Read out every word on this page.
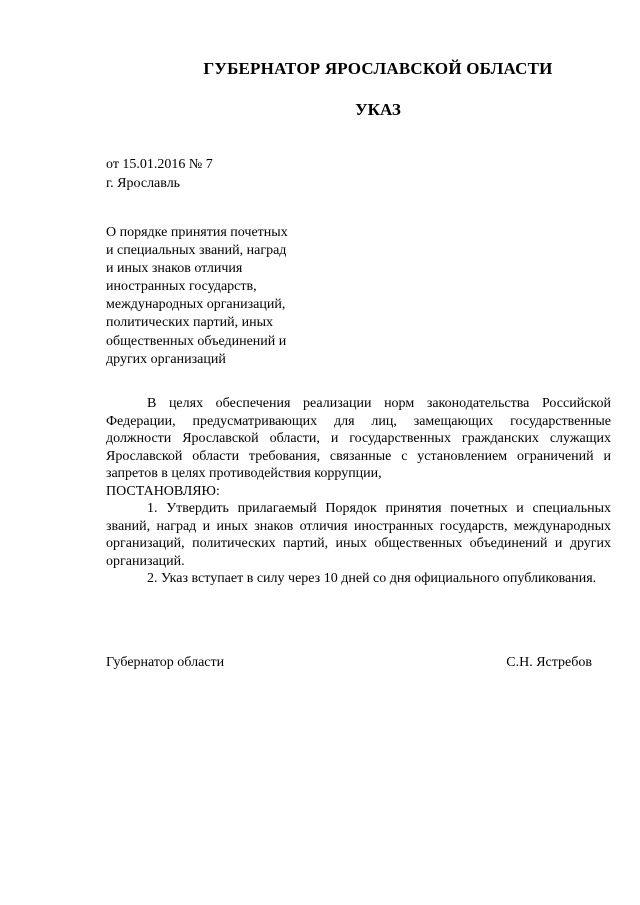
ГУБЕРНАТОР ЯРОСЛАВСКОЙ ОБЛАСТИ
УКАЗ
от 15.01.2016 № 7
г. Ярославль
О порядке принятия почетных
и специальных званий, наград
и иных знаков отличия
иностранных государств,
международных организаций,
политических партий, иных
общественных объединений и
других организаций

В целях обеспечения реализации норм законодательства Российской Федерации, предусматривающих для лиц, замещающих государственные должности Ярославской области, и государственных гражданских служащих Ярославской области требования, связанные с установлением ограничений и запретов в целях противодействия коррупции,

ПОСТАНОВЛЯЮ:

1. Утвердить прилагаемый Порядок принятия почетных и специальных званий, наград и иных знаков отличия иностранных государств, международных организаций, политических партий, иных общественных объединений и других организаций.

2. Указ вступает в силу через 10 дней со дня официального опубликования.

Губернатор области	С.Н. Ястребов
